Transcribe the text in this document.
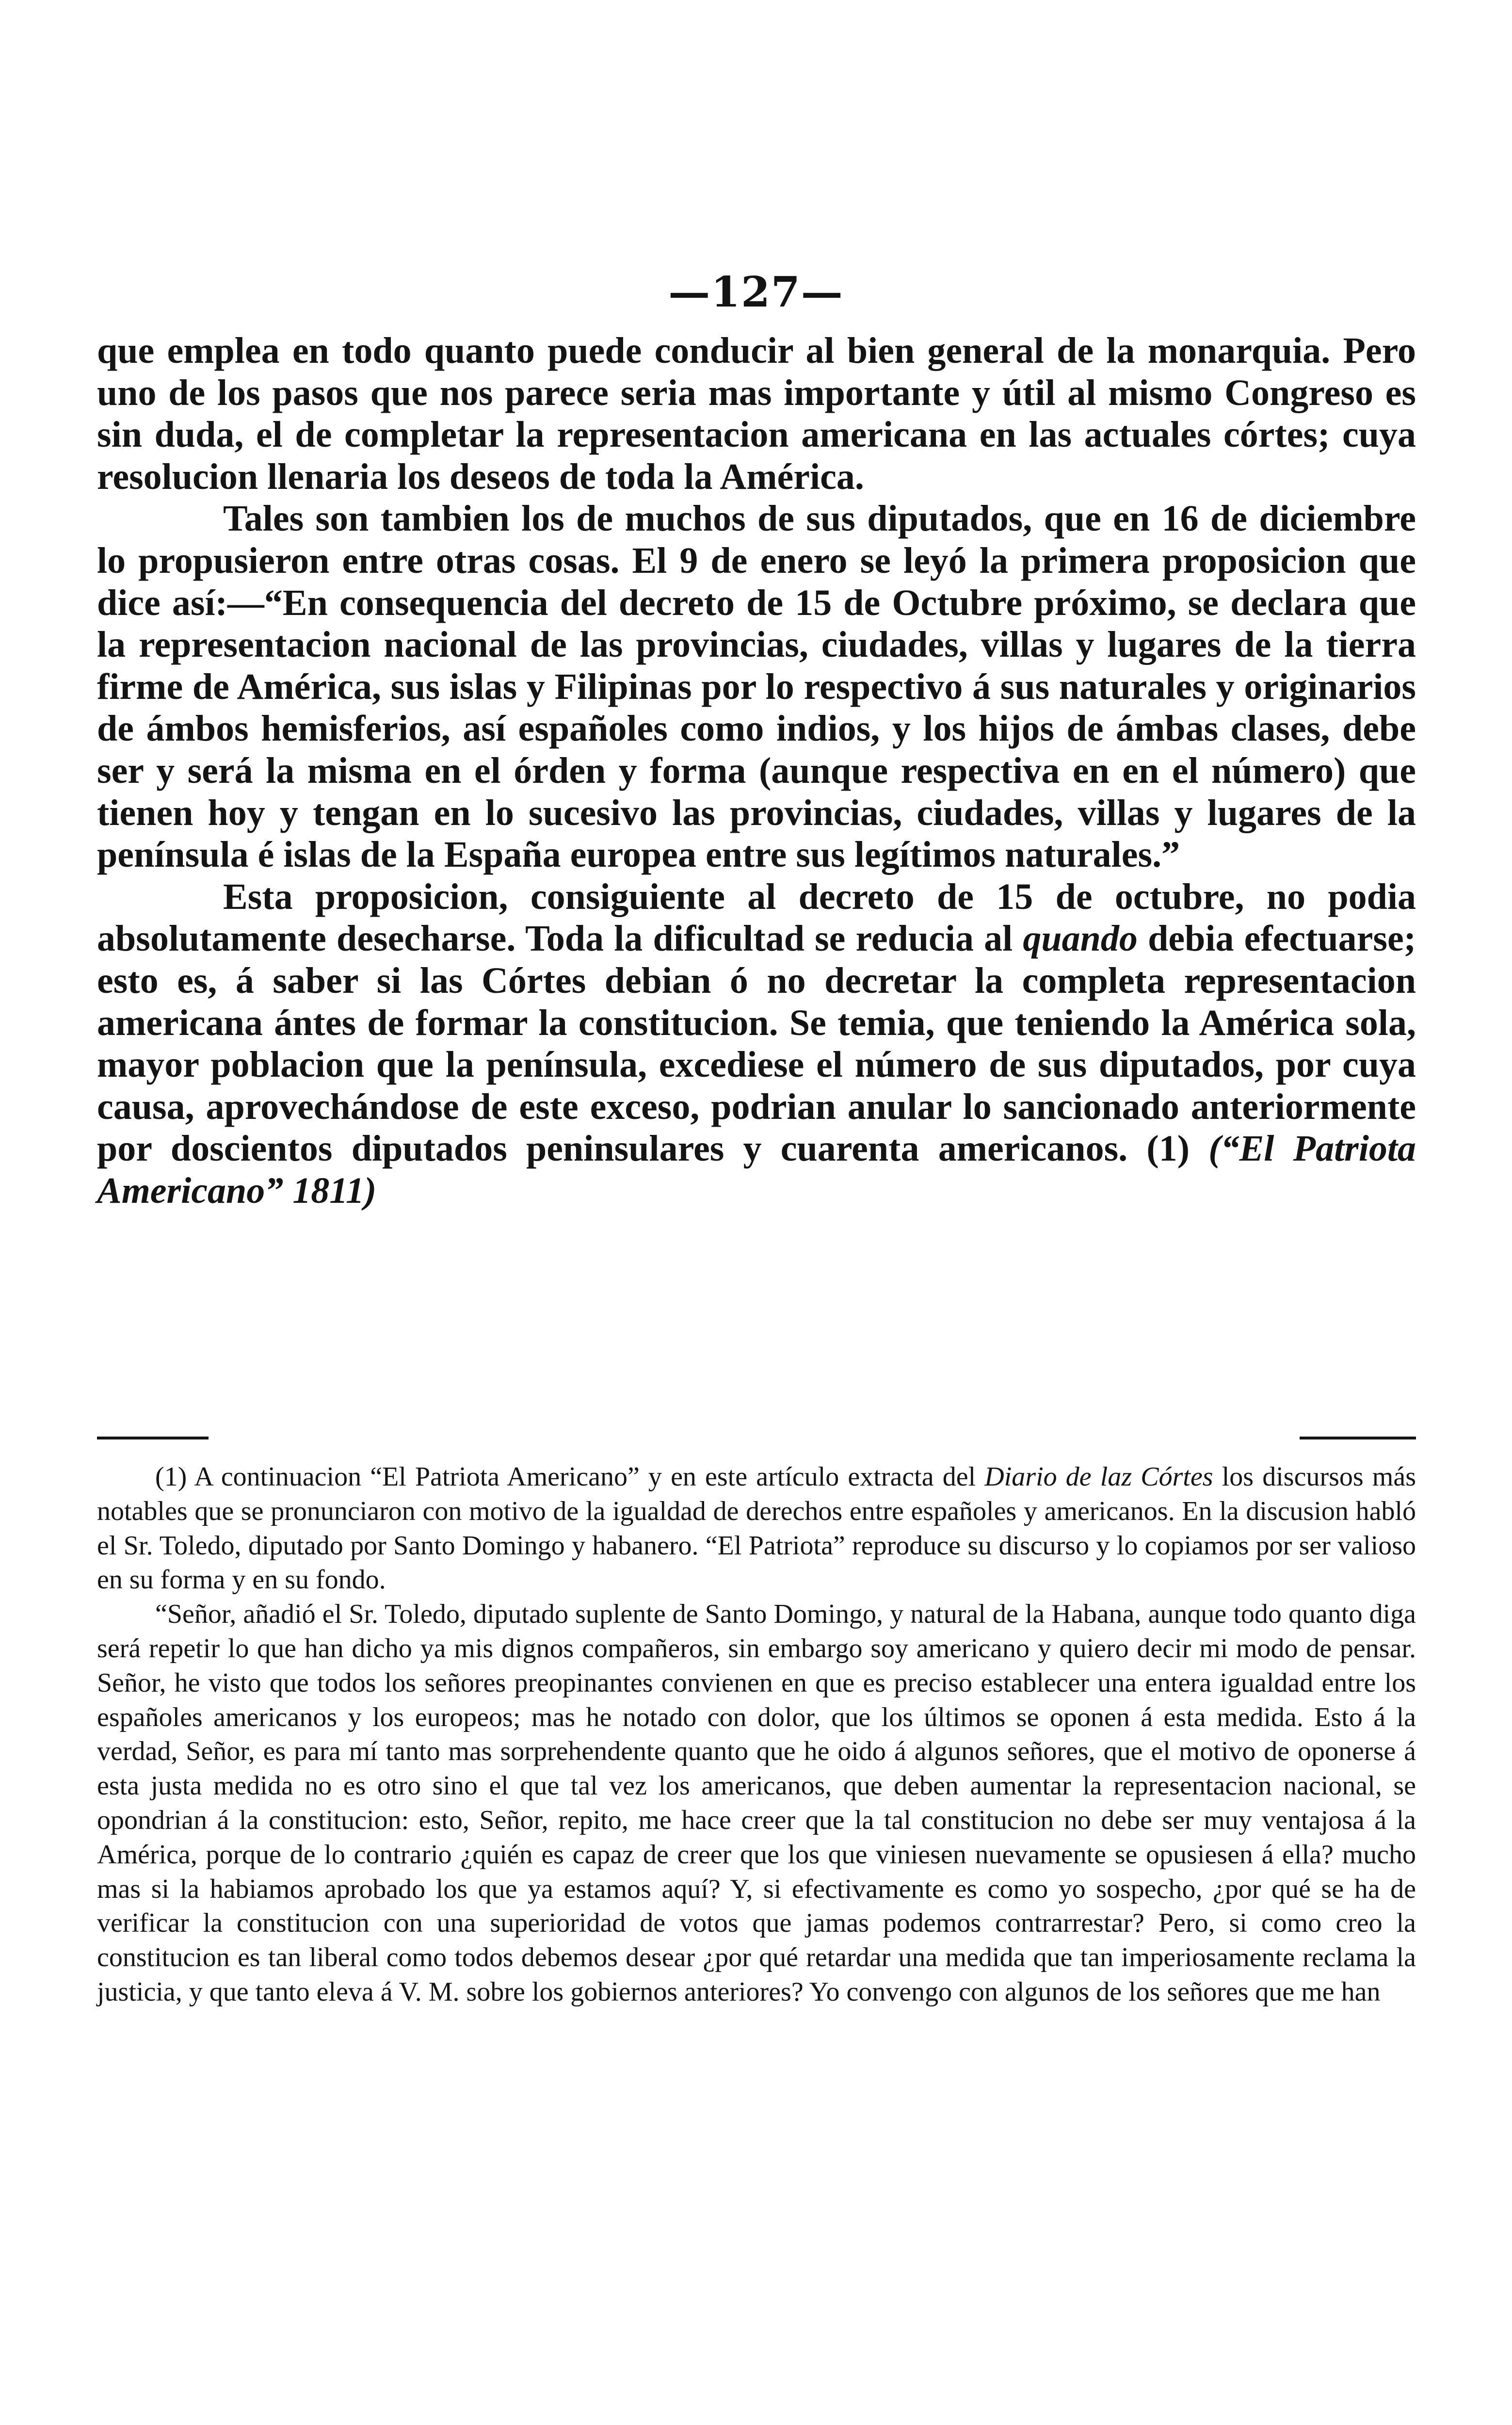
—127—

que emplea en todo quanto puede conducir al bien general de la monarquia. Pero uno de los pasos que nos parece seria mas importante y útil al mismo Congreso es sin duda, el de completar la representacion americana en las actuales córtes; cuya resolucion llenaria los deseos de toda la América.

Tales son tambien los de muchos de sus diputados, que en 16 de diciembre lo propusieron entre otras cosas. El 9 de enero se leyó la primera proposicion que dice así:—“En consequencia del decreto de 15 de Octubre próximo, se declara que la representacion nacional de las provincias, ciudades, villas y lugares de la tierra firme de América, sus islas y Filipinas por lo respectivo á sus naturales y originarios de ámbos hemisferios, así españoles como indios, y los hijos de ámbas clases, debe ser y será la misma en el órden y forma (aunque respectiva en en el número) que tienen hoy y tengan en lo sucesivo las provincias, ciudades, villas y lugares de la península é islas de la España europea entre sus legítimos naturales.”

Esta proposicion, consiguiente al decreto de 15 de octubre, no podia absolutamente desecharse. Toda la dificultad se reducia al quando debia efectuarse; esto es, á saber si las Córtes debian ó no decretar la completa representacion americana ántes de formar la constitucion. Se temia, que teniendo la América sola, mayor poblacion que la península, excediese el número de sus diputados, por cuya causa, aprovechándose de este exceso, podrian anular lo sancionado anteriormente por doscientos diputados peninsulares y cuarenta americanos. (1) (“El Patriota Americano” 1811)

(1) A continuacion “El Patriota Americano” y en este artículo extracta del Diario de laz Córtes los discursos más notables que se pronunciaron con motivo de la igualdad de derechos entre españoles y americanos. En la discusion habló el Sr. Toledo, diputado por Santo Domingo y habanero. “El Patriota” reproduce su discurso y lo copiamos por ser valioso en su forma y en su fondo.

“Señor, añadió el Sr. Toledo, diputado suplente de Santo Domingo, y natural de la Habana, aunque todo quanto diga será repetir lo que han dicho ya mis dignos compañeros, sin embargo soy americano y quiero decir mi modo de pensar. Señor, he visto que todos los señores preopinantes convienen en que es preciso establecer una entera igualdad entre los españoles americanos y los europeos; mas he notado con dolor, que los últimos se oponen á esta medida. Esto á la verdad, Señor, es para mí tanto mas sorprehendente quanto que he oido á algunos señores, que el motivo de oponerse á esta justa medida no es otro sino el que tal vez los americanos, que deben aumentar la representacion nacional, se opondrian á la constitucion: esto, Señor, repito, me hace creer que la tal constitucion no debe ser muy ventajosa á la América, porque de lo contrario ¿quién es capaz de creer que los que viniesen nuevamente se opusiesen á ella? mucho mas si la habiamos aprobado los que ya estamos aquí? Y, si efectivamente es como yo sospecho, ¿por qué se ha de verificar la constitucion con una superioridad de votos que jamas podemos contrarrestar? Pero, si como creo la constitucion es tan liberal como todos debemos desear ¿por qué retardar una medida que tan imperiosamente reclama la justicia, y que tanto eleva á V. M. sobre los gobiernos anteriores? Yo convengo con algunos de los señores que me han
